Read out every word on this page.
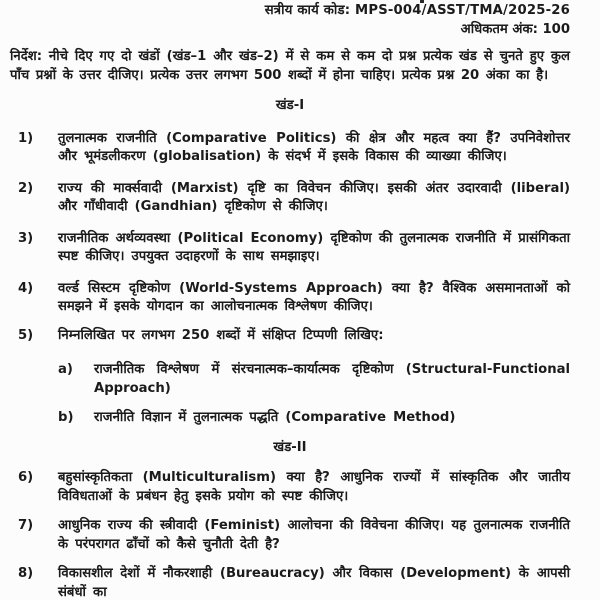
सत्रीय कार्य कोड: MPS-004/ASST/TMA/2025-26
अधिकतम अंक: 100

निर्देश: नीचे दिए गए दो खंडों (खंड–1 और खंड–2) में से कम से कम दो प्रश्न प्रत्येक खंड से चुनते हुए कुल पाँच प्रश्नों के उत्तर दीजिए। प्रत्येक उत्तर लगभग 500 शब्दों में होना चाहिए। प्रत्येक प्रश्न 20 अंका का है।

खंड-I
1)	तुलनात्मक राजनीति (Comparative Politics) की क्षेत्र और महत्व क्या हैं? उपनिवेशोत्तर और भूमंडलीकरण (globalisation) के संदर्भ में इसके विकास की व्याख्या कीजिए।
2)	राज्य की मार्क्सवादी (Marxist) दृष्टि का विवेचन कीजिए। इसकी अंतर उदारवादी (liberal) और गाँधीवादी (Gandhian) दृष्टिकोण से कीजिए।
3)	राजनीतिक अर्थव्यवस्था (Political Economy) दृष्टिकोण की तुलनात्मक राजनीति में प्रासंगिकता स्पष्ट कीजिए। उपयुक्त उदाहरणों के साथ समझाइए।
4)	वर्ल्ड सिस्टम दृष्टिकोण (World-Systems Approach) क्या है? वैश्विक असमानताओं को समझने में इसके योगदान का आलोचनात्मक विश्लेषण कीजिए।
5)	निम्नलिखित पर लगभग 250 शब्दों में संक्षिप्त टिप्पणी लिखिए:
a)	राजनीतिक विश्लेषण में संरचनात्मक–कार्यात्मक दृष्टिकोण (Structural-Functional Approach)
b)	राजनीति विज्ञान में तुलनात्मक पद्धति (Comparative Method)
खंड-II
6)	बहुसांस्कृतिकता (Multiculturalism) क्या है? आधुनिक राज्यों में सांस्कृतिक और जातीय विविधताओं के प्रबंधन हेतु इसके प्रयोग को स्पष्ट कीजिए।
7)	आधुनिक राज्य की स्त्रीवादी (Feminist) आलोचना की विवेचना कीजिए। यह तुलनात्मक राजनीति के परंपरागत ढाँचों को कैसे चुनौती देती है?
8)	विकासशील देशों में नौकरशाही (Bureaucracy) और विकास (Development) के आपसी संबंधों का
